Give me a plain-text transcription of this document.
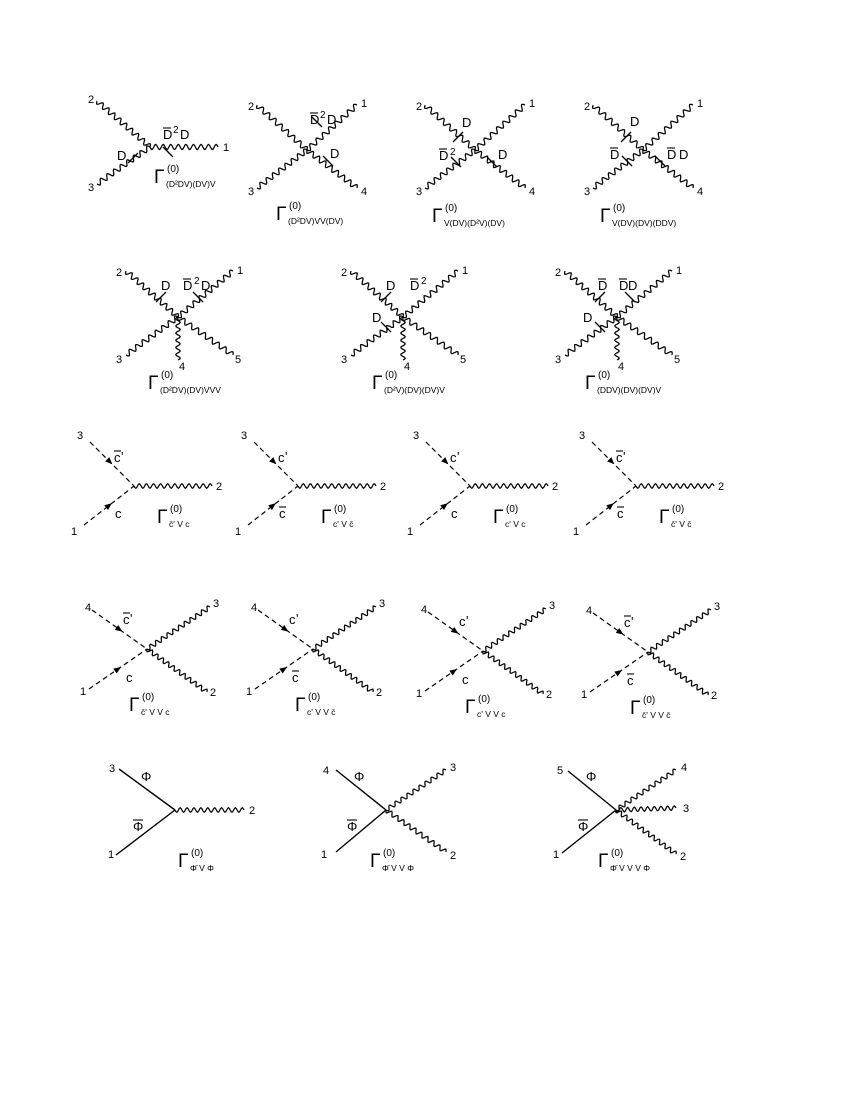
2
3
1
D
D 2 D
Γ (0)
(D²DV)(DV)V
2	1
3	4
D 2 D
D
Γ (0)
(D²DV)VV(DV)
2	1
3	4
D
D 2	D
Γ (0)
V(DV)(D²V)(DV)
2	1
3	4
D
D	D D
Γ (0)
V(DV)(DV)(DDV)
2	1
3
4
5
D D 2 D
Γ (0)
(D²DV)(DV)VVV
2	1
3
4
5
D D 2
D
Γ (0)
(D²V)(DV)(DV)V
2	1
3
4
5
D D D
D
Γ (0)
(DDV)(DV)(DV)V
3
1
2
c '
c Γ (0)
c̄' V c
3
1
2
c '
c Γ (0)
c' V c̄
3
1
2
c '
c Γ (0)
c' V c
3
1
2
c '
c Γ (0)
c̄' V c̄
4
1
3
2
c '
c
Γ (0)
c̄' V V c
4
1
3
2
c '
c
Γ (0)
c' V V c̄
4
1
3
2
c '
c
Γ (0)
c' V V c
4
1
3
2
c '
c
Γ (0)
c̄' V V c̄
3
1
2
Φ
Φ
Γ (0)
Φ̄ V Φ
4
1
3
2
Φ
Φ
Γ (0)
Φ̄ V V Φ
5
1
4
3
2
Φ
Φ
Γ (0)
Φ̄ V V V Φ
